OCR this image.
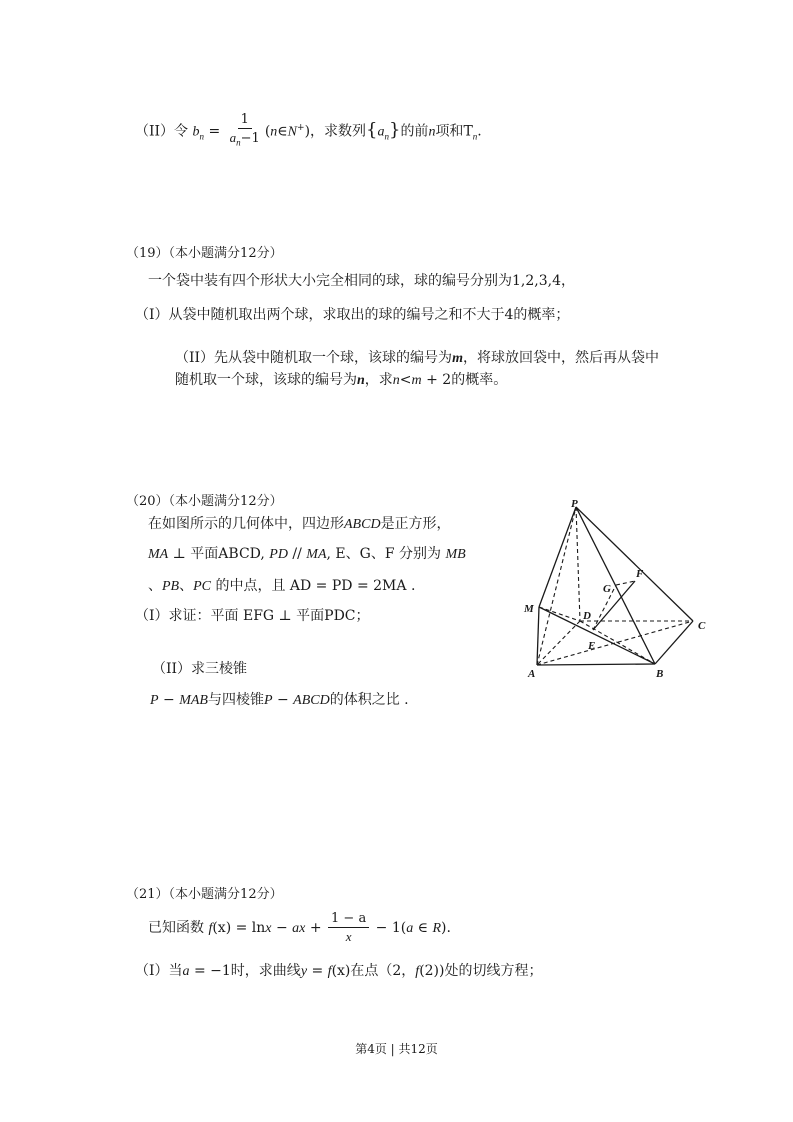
（II）令 $b_n = \frac{1}{a_n-1}$ (n∈N+)，求数列$\{a_n\}$的前n项和$T_n$.
（19）（本小题满分12分）
一个袋中装有四个形状大小完全相同的球，球的编号分别为1,2,3,4，
（I）从袋中随机取出两个球，求取出的球的编号之和不大于4的概率；
（II）先从袋中随机取一个球，该球的编号为m，将球放回袋中，然后再从袋中
随机取一个球，该球的编号为n，求n<m + 2的概率。
（20）（本小题满分12分）
在如图所示的几何体中，四边形ABCD是正方形，
MA ⊥ 平面ABCD, PD // MA, E、G、F 分别为 MB
、PB、PC 的中点，且 AD = PD = 2MA .
（I）求证：平面 EFG ⊥ 平面PDC；
（II）求三棱锥
P − MAB与四棱锥P − ABCD的体积之比 .
P
F
G
M
D
C
E
A	B
（21）（本小题满分12分）
已知函数 f(x) = lnx − ax + $\frac{1 - a}{x} - 1(a$ ∈ R).
（I）当a = −1时，求曲线y = f(x)在点（2，f(2))处的切线方程；
第4页 | 共12页
